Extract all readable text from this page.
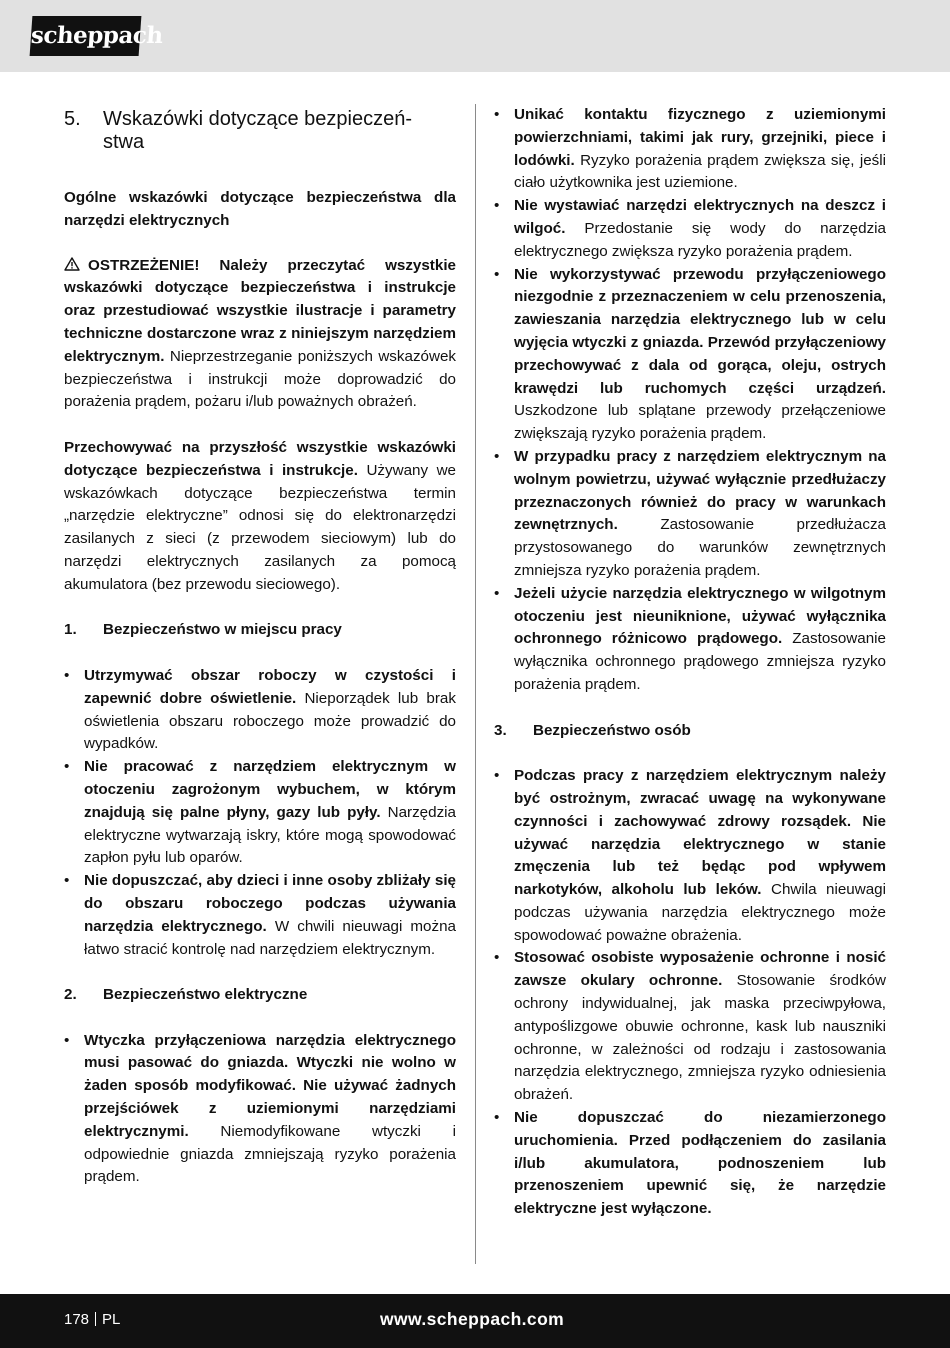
scheppach
5.	Wskazówki dotyczące bezpieczeń-stwa

Ogólne wskazówki dotyczące bezpieczeństwa dla narzędzi elektrycznych

OSTRZEŻENIE! Należy przeczytać wszystkie wskazówki dotyczące bezpieczeństwa i instrukcje oraz przestudiować wszystkie ilustracje i parametry techniczne dostarczone wraz z niniejszym narzędziem elektrycznym. Nieprzestrzeganie poniższych wskazówek bezpieczeństwa i instrukcji może doprowadzić do porażenia prądem, pożaru i/lub poważnych obrażeń.

Przechowywać na przyszłość wszystkie wskazówki dotyczące bezpieczeństwa i instrukcje. Używany we wskazówkach dotyczące bezpieczeństwa termin „narzędzie elektryczne” odnosi się do elektronarzędzi zasilanych z sieci (z przewodem sieciowym) lub do narzędzi elektrycznych zasilanych za pomocą akumulatora (bez przewodu sieciowego).

1.	Bezpieczeństwo w miejscu pracy
• Utrzymywać obszar roboczy w czystości i zapewnić dobre oświetlenie. Nieporządek lub brak oświetlenia obszaru roboczego może prowadzić do wypadków.
• Nie pracować z narzędziem elektrycznym w otoczeniu zagrożonym wybuchem, w którym znajdują się palne płyny, gazy lub pyły. Narzędzia elektryczne wytwarzają iskry, które mogą spowodować zapłon pyłu lub oparów.
• Nie dopuszczać, aby dzieci i inne osoby zbliżały się do obszaru roboczego podczas używania narzędzia elektrycznego. W chwili nieuwagi można łatwo stracić kontrolę nad narzędziem elektrycznym.
2.	Bezpieczeństwo elektryczne
• Wtyczka przyłączeniowa narzędzia elektrycznego musi pasować do gniazda. Wtyczki nie wolno w żaden sposób modyfikować. Nie używać żadnych przejściówek z uziemionymi narzędziami elektrycznymi. Niemodyfikowane wtyczki i odpowiednie gniazda zmniejszają ryzyko porażenia prądem.
• Unikać kontaktu fizycznego z uziemionymi powierzchniami, takimi jak rury, grzejniki, piece i lodówki. Ryzyko porażenia prądem zwiększa się, jeśli ciało użytkownika jest uziemione.
• Nie wystawiać narzędzi elektrycznych na deszcz i wilgoć. Przedostanie się wody do narzędzia elektrycznego zwiększa ryzyko porażenia prądem.
• Nie wykorzystywać przewodu przyłączeniowego niezgodnie z przeznaczeniem w celu przenoszenia, zawieszania narzędzia elektrycznego lub w celu wyjęcia wtyczki z gniazda. Przewód przyłączeniowy przechowywać z dala od gorąca, oleju, ostrych krawędzi lub ruchomych części urządzeń. Uszkodzone lub splątane przewody przełączeniowe zwiększają ryzyko porażenia prądem.
• W przypadku pracy z narzędziem elektrycznym na wolnym powietrzu, używać wyłącznie przedłużaczy przeznaczonych również do pracy w warunkach zewnętrznych.	Zastosowanie przedłużacza przystosowanego do warunków zewnętrznych zmniejsza ryzyko porażenia prądem.
• Jeżeli użycie narzędzia elektrycznego w wilgotnym otoczeniu jest nieuniknione, używać wyłącznika ochronnego różnicowo prądowego. Zastosowanie wyłącznika ochronnego prądowego zmniejsza ryzyko porażenia prądem.
3.	Bezpieczeństwo osób
• Podczas pracy z narzędziem elektrycznym należy być ostrożnym, zwracać uwagę na wykonywane czynności i zachowywać zdrowy rozsądek. Nie używać narzędzia elektrycznego w stanie zmęczenia lub też będąc pod wpływem narkotyków, alkoholu lub leków. Chwila nieuwagi podczas używania narzędzia elektrycznego może spowodować poważne obrażenia.
• Stosować osobiste wyposażenie ochronne i nosić zawsze okulary ochronne. Stosowanie środków ochrony indywidualnej, jak maska przeciwpyłowa, antypoślizgowe obuwie ochronne, kask lub nauszniki ochronne, w zależności od rodzaju i zastosowania narzędzia elektrycznego, zmniejsza ryzyko odniesienia obrażeń.
• Nie dopuszczać do niezamierzonego uruchomienia. Przed podłączeniem do zasilania i/lub akumulatora, podnoszeniem lub przenoszeniem upewnić się, że narzędzie elektryczne jest wyłączone.
178 PL	www.scheppach.com
